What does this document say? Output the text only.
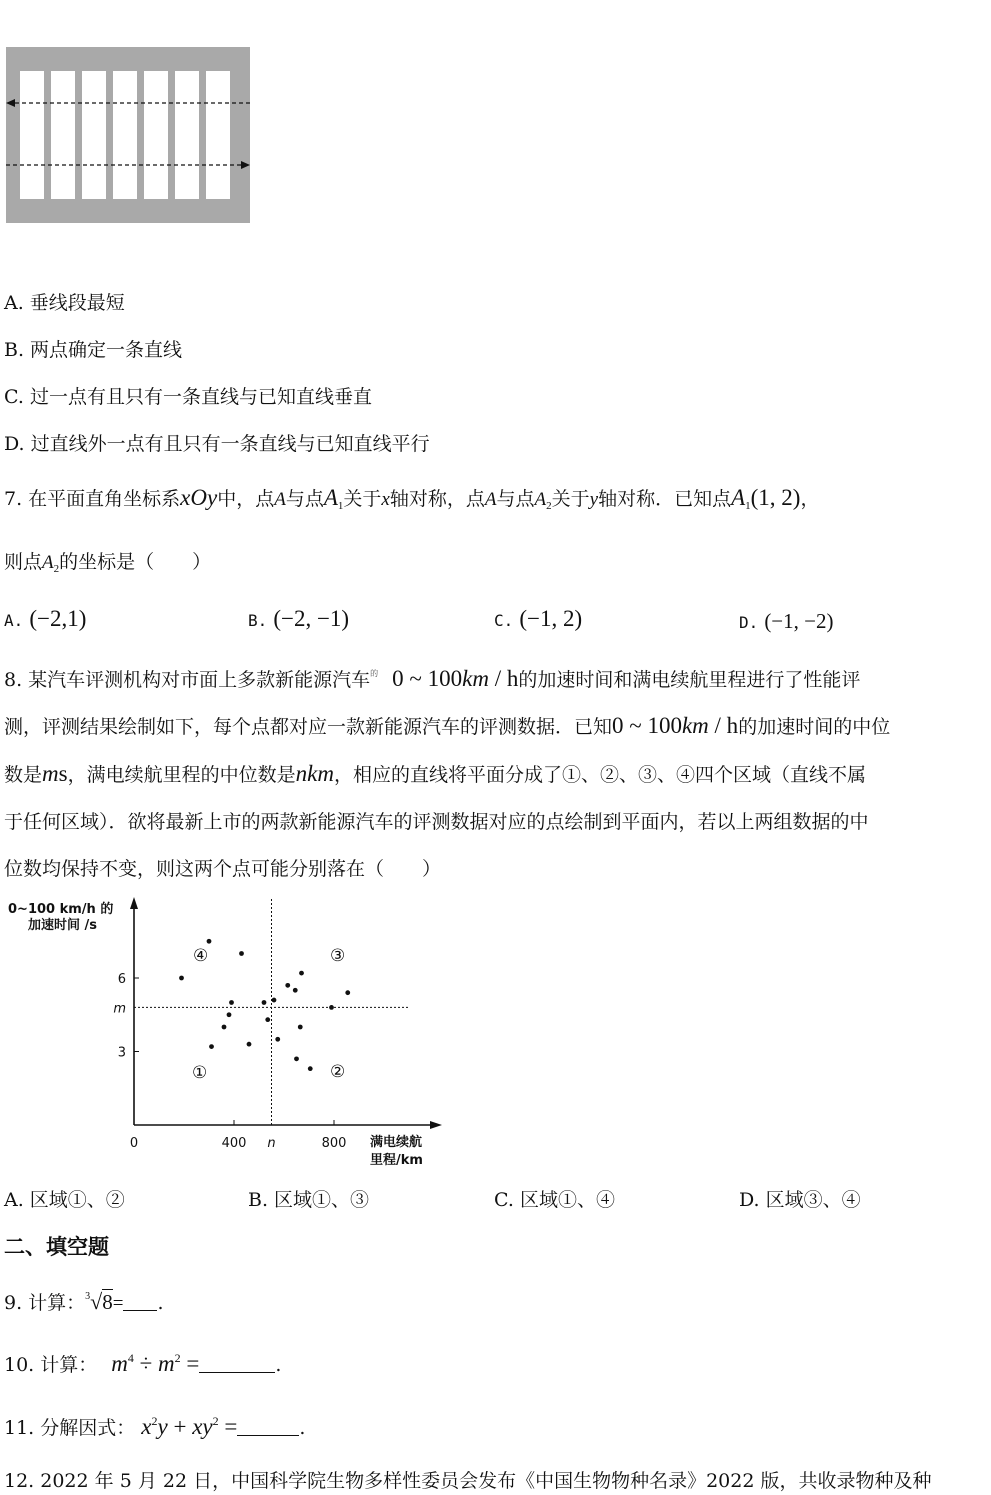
A. 垂线段最短
B. 两点确定一条直线
C. 过一点有且只有一条直线与已知直线垂直
D. 过直线外一点有且只有一条直线与已知直线平行
7. 在平面直角坐标系xOy中，点A与点$A_1$关于x轴对称，点A与点$A_2$关于y轴对称．已知点$A_1(1$, 2)，
则点$A_2$的坐标是（　　）
A. (−2,1)	B. (−2, −1)	C. (−1, 2)	D. (−1, −2)
8. 某汽车评测机构对市面上多款新能源汽车$^的$ 0 ~ 100km / h的加速时间和满电续航里程进行了性能评
测，评测结果绘制如下，每个点都对应一款新能源汽车的评测数据．已知0 ~ 100km / h的加速时间的中位
数是ms，满电续航里程的中位数是nkm，相应的直线将平面分成了①、②、③、④四个区域（直线不属
于任何区域）．欲将最新上市的两款新能源汽车的评测数据对应的点绘制到平面内，若以上两组数据的中
位数均保持不变，则这两个点可能分别落在（　　）
0~100 km/h 的
加速时间 /s
0	400 n	800
6
m
3
满电续航
里程/km
①	②
③
④
A. 区域①、②	B. 区域①、③	C. 区域①、④	D. 区域③、④
二、填空题
9. 计算：$^3$√8= .
10. 计算： $m^4 \div m^2$ =	.
11. 分解因式： $x^2y + xy^2$ =	.
12. 2022 年 5 月 22 日，中国科学院生物多样性委员会发布《中国生物物种名录》2022 版，共收录物种及种
